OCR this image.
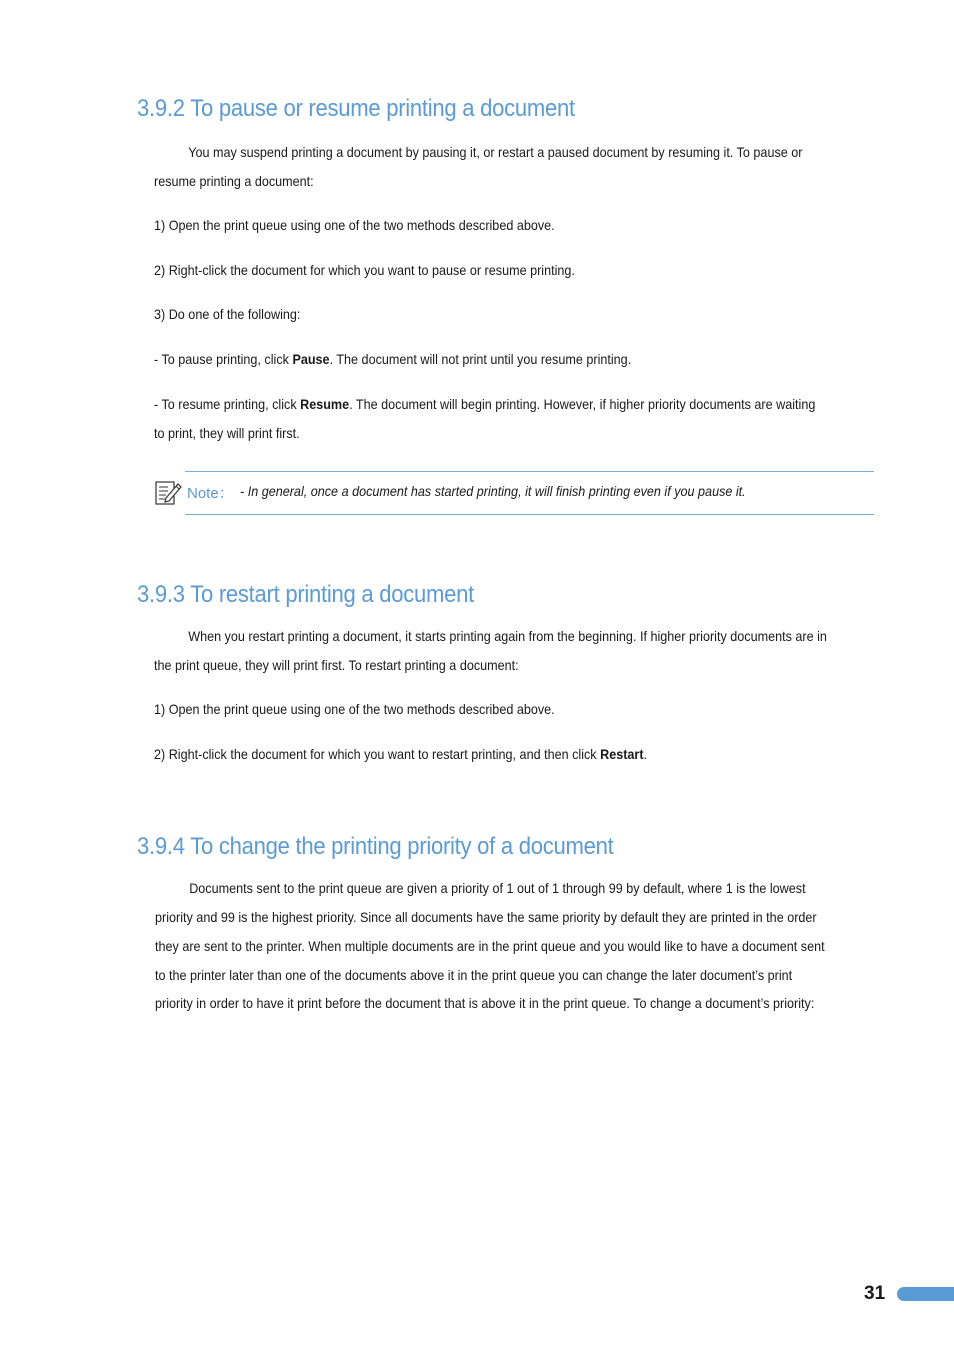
3.9.2 To pause or resume printing a document

You may suspend printing a document by pausing it, or restart a paused document by resuming it. To pause or

resume printing a document:

1) Open the print queue using one of the two methods described above.

2) Right-click the document for which you want to pause or resume printing.

3) Do one of the following:

- To pause printing, click Pause. The document will not print until you resume printing.

- To resume printing, click Resume. The document will begin printing. However, if higher priority documents are waiting

to print, they will print first.

Note： - In general, once a document has started printing, it will finish printing even if you pause it.
3.9.3 To restart printing a document

When you restart printing a document, it starts printing again from the beginning. If higher priority documents are in

the print queue, they will print first. To restart printing a document:

1) Open the print queue using one of the two methods described above.

2) Right-click the document for which you want to restart printing, and then click Restart.

3.9.4 To change the printing priority of a document

Documents sent to the print queue are given a priority of 1 out of 1 through 99 by default, where 1 is the lowest

priority and 99 is the highest priority. Since all documents have the same priority by default they are printed in the order

they are sent to the printer. When multiple documents are in the print queue and you would like to have a document sent

to the printer later than one of the documents above it in the print queue you can change the later document’s print

priority in order to have it print before the document that is above it in the print queue. To change a document’s priority:

31
